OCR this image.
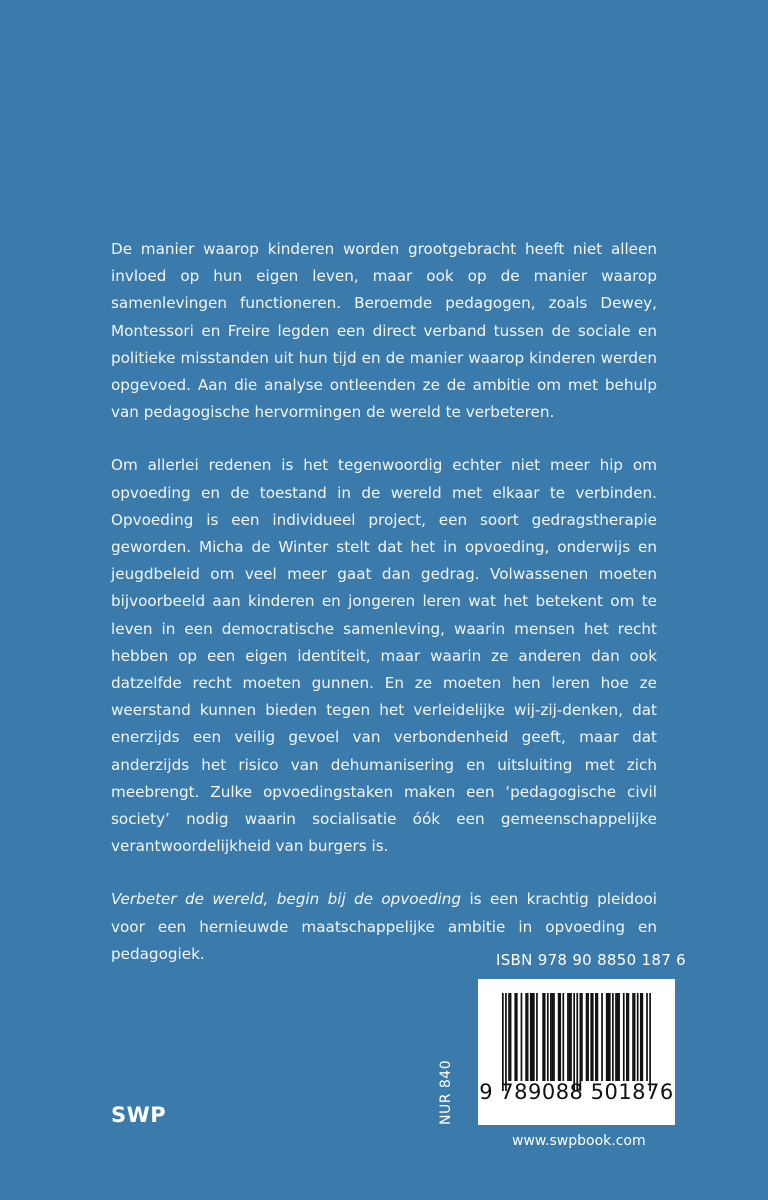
De manier waarop kinderen worden grootgebracht heeft niet alleen invloed op hun eigen leven, maar ook op de manier waarop samenlevingen functioneren. Beroemde pedagogen, zoals Dewey, Montessori en Freire legden een direct verband tussen de sociale en politieke misstanden uit hun tijd en de manier waarop kinderen werden opgevoed. Aan die analyse ontleenden ze de ambitie om met behulp van pedagogische hervormingen de wereld te verbeteren.

Om allerlei redenen is het tegenwoordig echter niet meer hip om opvoeding en de toestand in de wereld met elkaar te verbinden. Opvoeding is een individueel project, een soort gedragstherapie geworden. Micha de Winter stelt dat het in opvoeding, onderwijs en jeugdbeleid om veel meer gaat dan gedrag. Volwassenen moeten bijvoorbeeld aan kinderen en jongeren leren wat het betekent om te leven in een democratische samenleving, waarin mensen het recht hebben op een eigen identiteit, maar waarin ze anderen dan ook datzelfde recht moeten gunnen. En ze moeten hen leren hoe ze weerstand kunnen bieden tegen het verleidelijke wij-zij-denken, dat enerzijds een veilig gevoel van verbondenheid geeft, maar dat anderzijds het risico van dehumanisering en uitsluiting met zich meebrengt. Zulke opvoedingstaken maken een ‘pedagogische civil society’ nodig waarin socialisatie óók een gemeenschappelijke verantwoordelijkheid van burgers is.

Verbeter de wereld, begin bij de opvoeding is een krachtig pleidooi voor een hernieuwde maatschappelijke ambitie in opvoeding en pedagogiek.	ISBN 978 90 8850 187 6
9 789088 501876
NUR 840
www.swpbook.com
SWP
